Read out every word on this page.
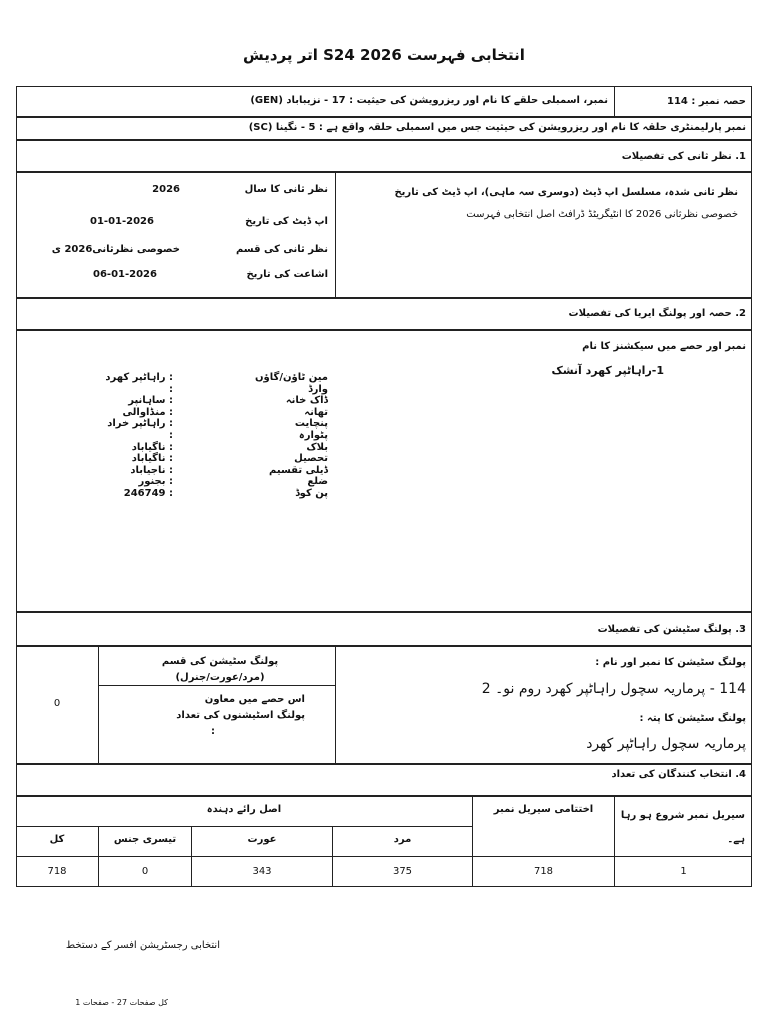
انتخابی فہرست 2026 S24 اتر پردیش
حصہ نمبر : 114
نمبر، اسمبلی حلقے کا نام اور ریزرویشن کی حیثیت : 17 - نزیباباد (GEN)
نمبر پارلیمنٹری حلقہ کا نام اور ریزرویشن کی حیثیت جس میں اسمبلی حلقہ واقع ہے : 5 - نگینا (SC)
1. نظر ثانی کی تفصیلات
نظر ثانی شدہ، مسلسل اپ ڈیٹ (دوسری سہ ماہی)، اپ ڈیٹ کی تاریخ
خصوصی نظرثانی 2026 کا انٹیگریٹڈ ڈرافٹ اصل انتخابی فہرست
نظر ثانی کا سال
2026
اپ ڈیٹ کی تاریخ
01-01-2026
نظر ثانی کی قسم
خصوصی نظرثانی2026 ی
اشاعت کی تاریخ
06-01-2026
2. حصہ اور پولنگ ایریا کی تفصیلات
نمبر اور حصے میں سیکشنز کا نام
1-راہاٹپر کھرد آنشک
مین ٹاؤن/گاؤں
وارڈ
ڈاک خانہ
تھانہ
پنچایت
پٹوارہ
بلاک
تحصیل
ڈیلی تقسیم
ضلع
پن کوڈ
: راہاٹپر کھرد
:
: ساہانپر
: منڈاوالی
: راہاٹپر خراد
:
: ناگیاباد
: ناگیاباد
: ناجیاباد
: بجنور
: 246749
3. پولنگ سٹیشن کی تفصیلات
پولنگ سٹیشن کا نمبر اور نام :
114 - پرماریہ سچول راہاٹپر کھرد روم نو۔ 2
پولنگ سٹیشن کا پتہ :
پرماریہ سچول راہاٹپر کھرد
پولنگ سٹیشن کی قسم
(مرد/عورت/جنرل)
اس حصے میں معاون
پولنگ اسٹیشنوں کی تعداد
:
0
4. انتخاب کنندگان کی تعداد
سیریل نمبر شروع ہو رہا ہے۔
اختتامی سیریل نمبر
اصل رائے دہندہ
مرد
عورت
تیسری جنس
کل
1
718
375
343
0
718
انتخابی رجسٹریشن افسر کے دستخط
کل صفحات 27 - صفحات 1
